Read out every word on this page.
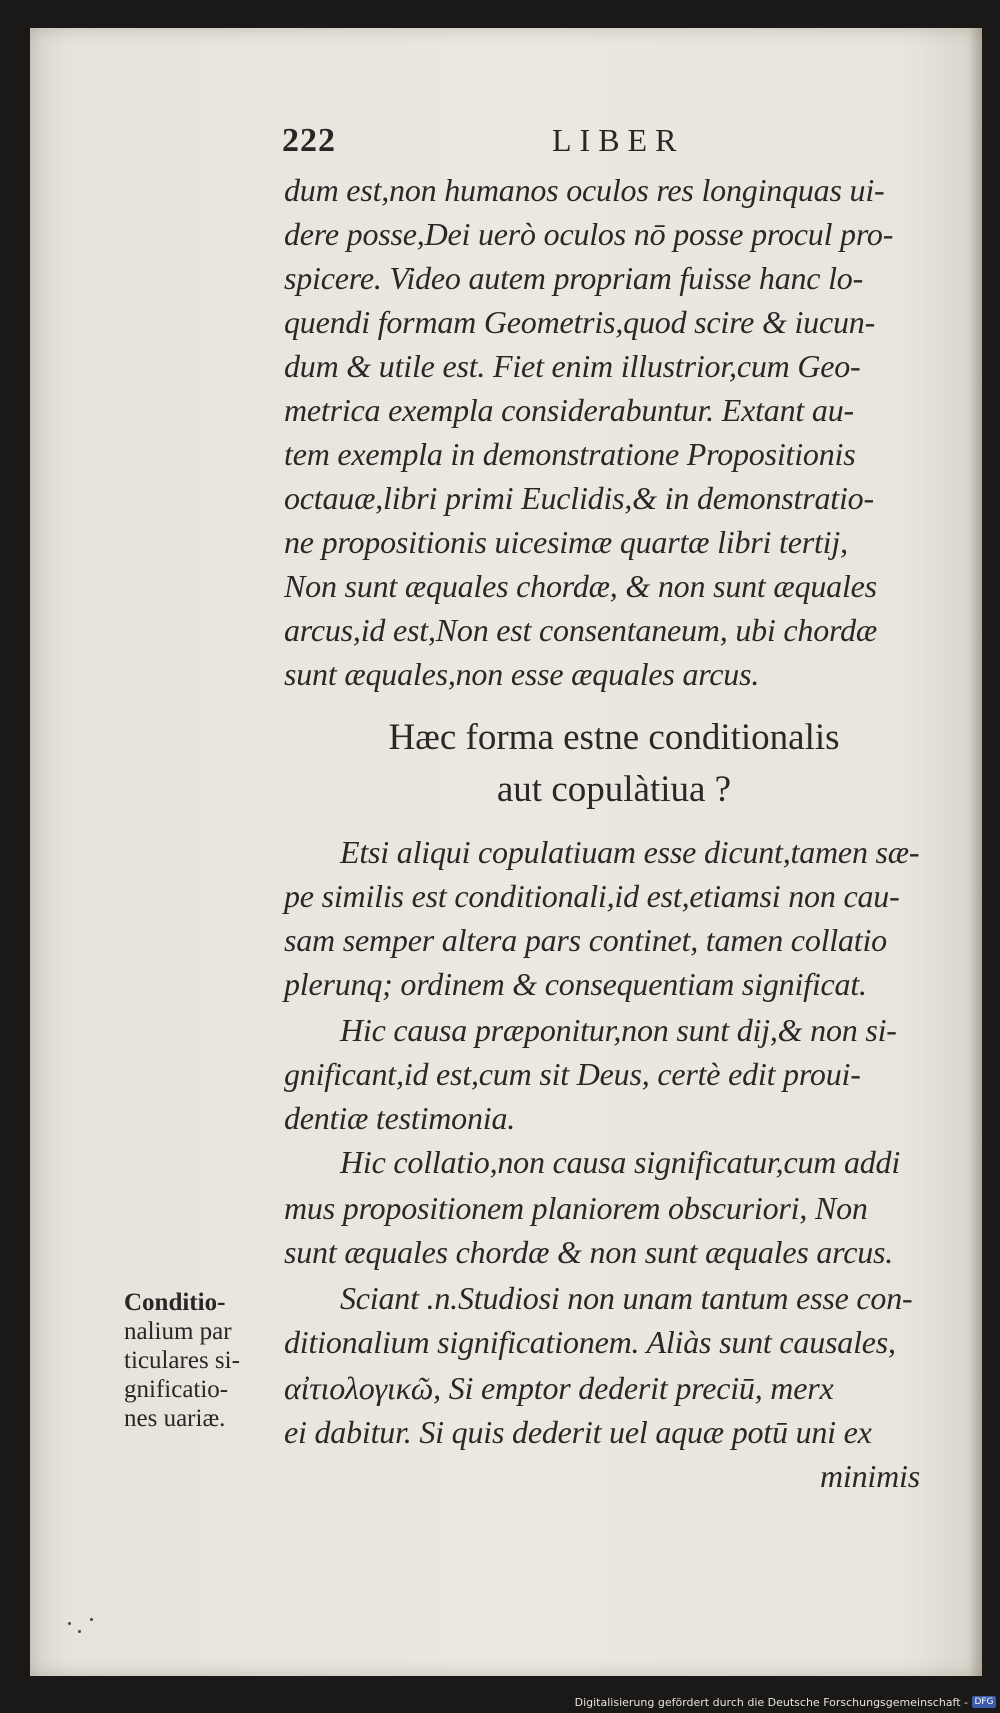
222	LIBER
dum est,non humanos oculos res longinquas ui-
dere posse,Dei uerò oculos nō posse procul pro-
spicere. Video autem propriam fuisse hanc lo-
quendi formam Geometris,quod scire & iucun-
dum & utile est. Fiet enim illustrior,cum Geo-
metrica exempla considerabuntur. Extant au-
tem exempla in demonstratione Propositionis
octauæ,libri primi Euclidis,& in demonstratio-
ne propositionis uicesimæ quartæ libri tertij,
Non sunt æquales chordæ, & non sunt æquales
arcus,id est,Non est consentaneum, ubi chordæ
sunt æquales,non esse æquales arcus.
Hæc forma estne conditionalis
aut copulàtiua ?
Etsi aliqui copulatiuam esse dicunt,tamen sæ-
pe similis est conditionali,id est,etiamsi non cau-
sam semper altera pars continet, tamen collatio
plerunq; ordinem & consequentiam significat.
Hic causa præponitur,non sunt dij,& non si-
gnificant,id est,cum sit Deus, certè edit proui-
dentiæ testimonia.
Hic collatio,non causa significatur,cum addi
mus propositionem planiorem obscuriori, Non
sunt æquales chordæ & non sunt æquales arcus.
Sciant .n.Studiosi non unam tantum esse con-
ditionalium significationem. Aliàs sunt causales,
αἰτιολογικῶ, Si emptor dederit preciū, merx
ei dabitur. Si quis dederit uel aquæ potū uni ex
minimis
Conditio-
nalium par
ticulares si-
gnificatio-
nes uariæ.
Digitalisierung gefördert durch die Deutsche Forschungsgemeinschaft - DFG
